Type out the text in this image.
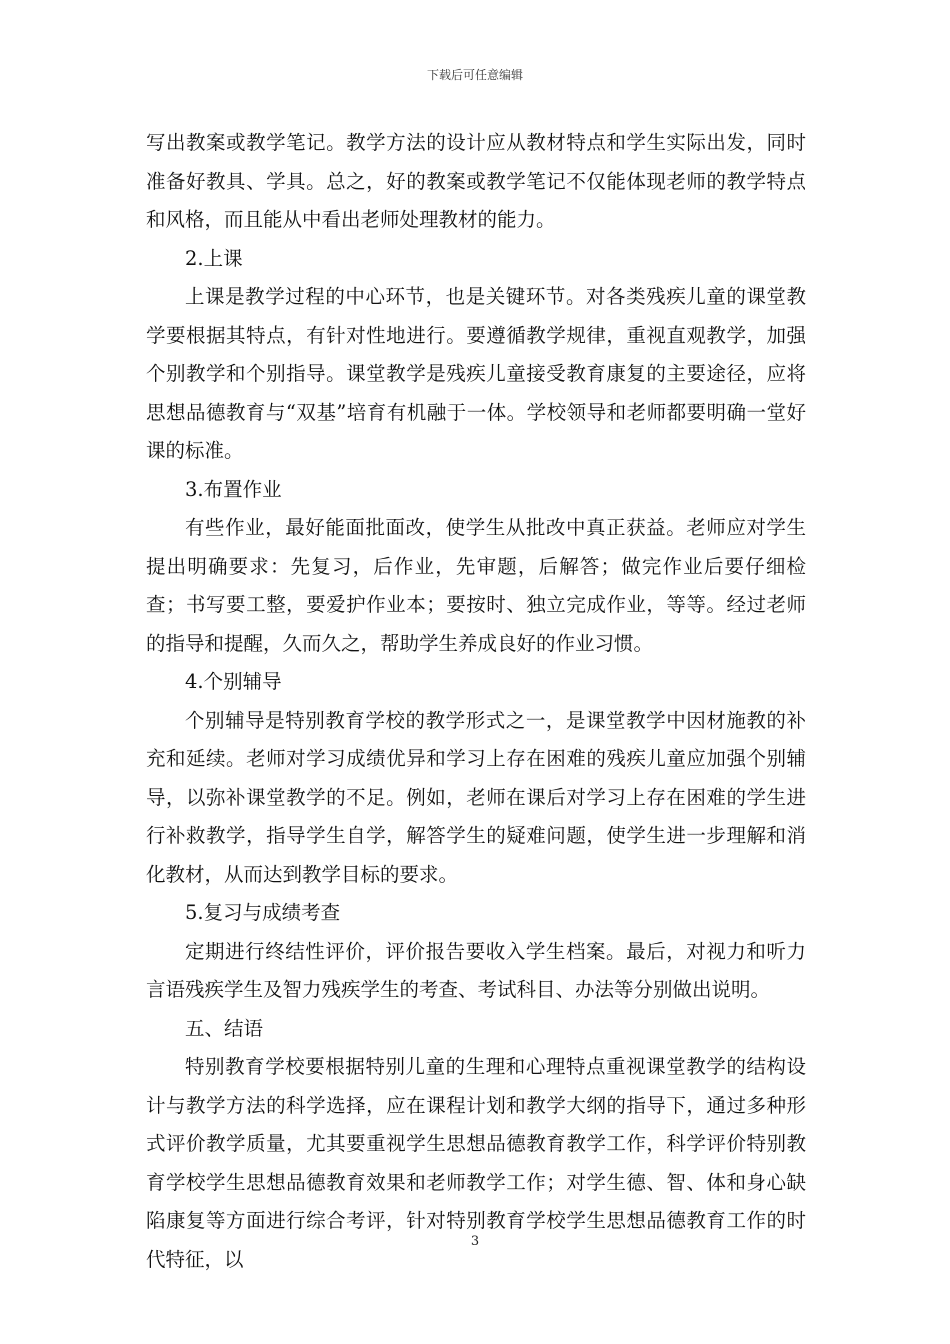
下载后可任意编辑

写出教案或教学笔记。教学方法的设计应从教材特点和学生实际出发，同时准备好教具、学具。总之，好的教案或教学笔记不仅能体现老师的教学特点和风格，而且能从中看出老师处理教材的能力。

2.上课

上课是教学过程的中心环节，也是关键环节。对各类残疾儿童的课堂教学要根据其特点，有针对性地进行。要遵循教学规律，重视直观教学，加强个别教学和个别指导。课堂教学是残疾儿童接受教育康复的主要途径，应将思想品德教育与“双基”培育有机融于一体。学校领导和老师都要明确一堂好课的标准。

3.布置作业

有些作业，最好能面批面改，使学生从批改中真正获益。老师应对学生提出明确要求：先复习，后作业，先审题，后解答；做完作业后要仔细检查；书写要工整，要爱护作业本；要按时、独立完成作业，等等。经过老师的指导和提醒，久而久之，帮助学生养成良好的作业习惯。

4.个别辅导

个别辅导是特别教育学校的教学形式之一，是课堂教学中因材施教的补充和延续。老师对学习成绩优异和学习上存在困难的残疾儿童应加强个别辅导，以弥补课堂教学的不足。例如，老师在课后对学习上存在困难的学生进行补救教学，指导学生自学，解答学生的疑难问题，使学生进一步理解和消化教材，从而达到教学目标的要求。

5.复习与成绩考查

定期进行终结性评价，评价报告要收入学生档案。最后，对视力和听力言语残疾学生及智力残疾学生的考查、考试科目、办法等分别做出说明。

五、结语

特别教育学校要根据特别儿童的生理和心理特点重视课堂教学的结构设计与教学方法的科学选择，应在课程计划和教学大纲的指导下，通过多种形式评价教学质量，尤其要重视学生思想品德教育教学工作，科学评价特别教育学校学生思想品德教育效果和老师教学工作；对学生德、智、体和身心缺陷康复等方面进行综合考评，针对特别教育学校学生思想品德教育工作的时代特征，以

3
